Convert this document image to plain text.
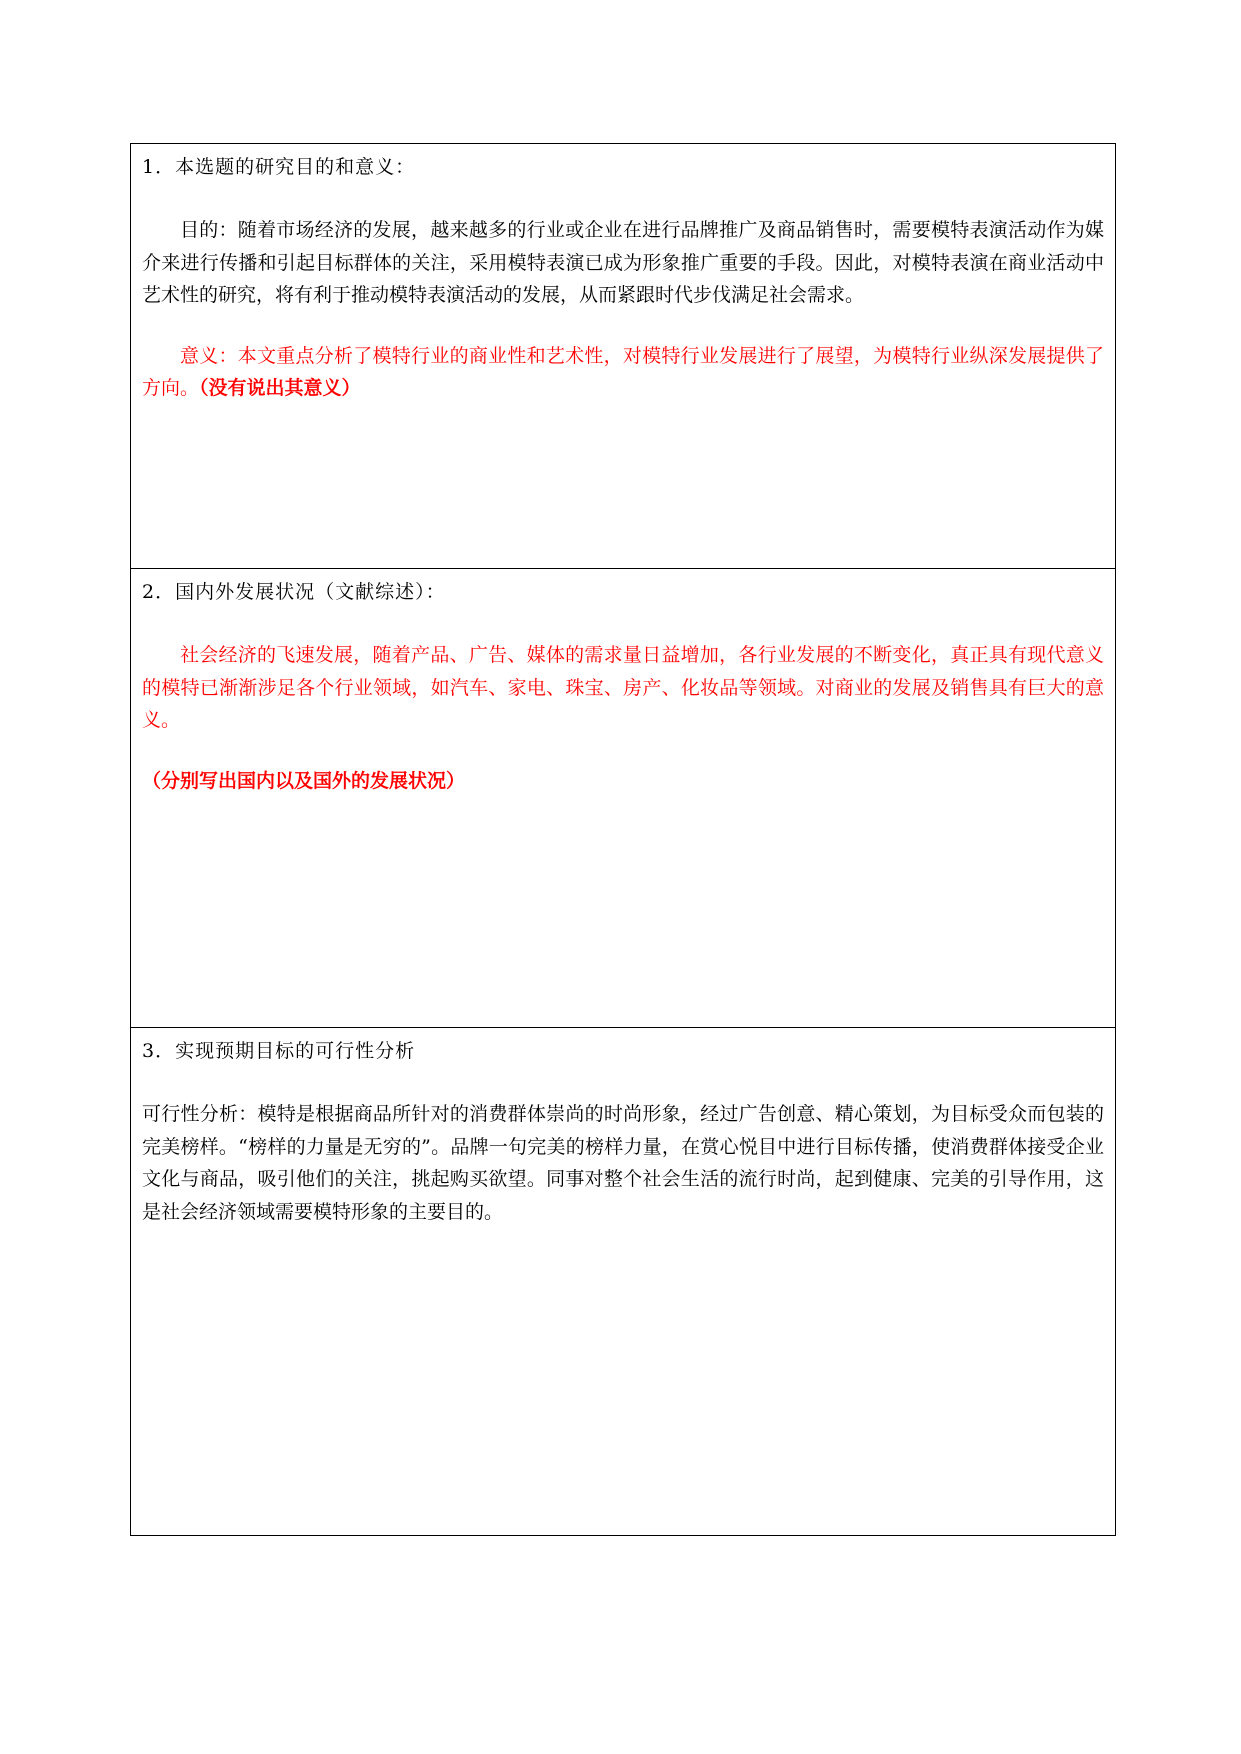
1．本选题的研究目的和意义：

目的：随着市场经济的发展，越来越多的行业或企业在进行品牌推广及商品销售时，需要模特表演活动作为媒介来进行传播和引起目标群体的关注，采用模特表演已成为形象推广重要的手段。因此，对模特表演在商业活动中艺术性的研究，将有利于推动模特表演活动的发展，从而紧跟时代步伐满足社会需求。

意义：本文重点分析了模特行业的商业性和艺术性，对模特行业发展进行了展望，为模特行业纵深发展提供了方向。（没有说出其意义）

2．国内外发展状况（文献综述）：

社会经济的飞速发展，随着产品、广告、媒体的需求量日益增加，各行业发展的不断变化，真正具有现代意义的模特已渐渐涉足各个行业领域，如汽车、家电、珠宝、房产、化妆品等领域。对商业的发展及销售具有巨大的意义。

（分别写出国内以及国外的发展状况）

3．实现预期目标的可行性分析

可行性分析：模特是根据商品所针对的消费群体崇尚的时尚形象，经过广告创意、精心策划，为目标受众而包装的完美榜样。“榜样的力量是无穷的”。品牌一句完美的榜样力量，在赏心悦目中进行目标传播，使消费群体接受企业文化与商品，吸引他们的关注，挑起购买欲望。同事对整个社会生活的流行时尚，起到健康、完美的引导作用，这是社会经济领域需要模特形象的主要目的。
